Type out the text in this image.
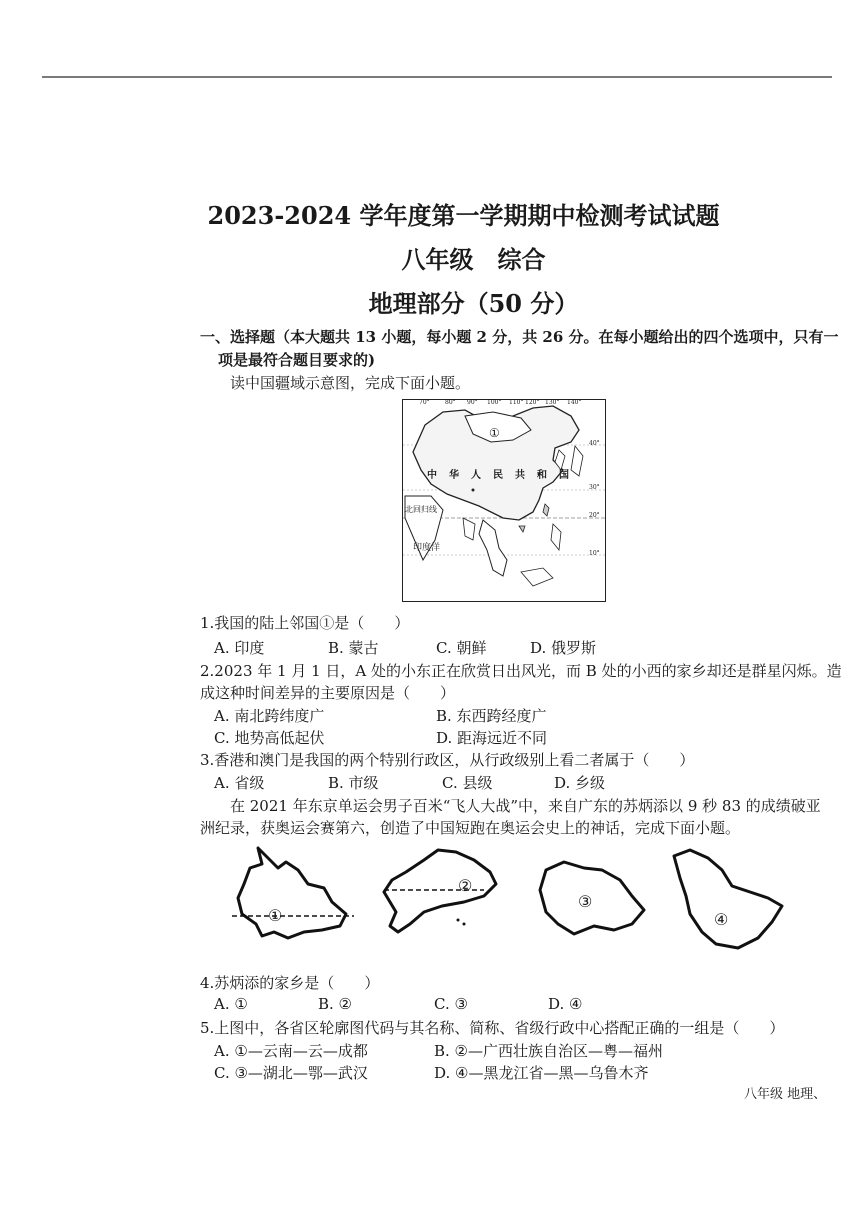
2023-2024 学年度第一学期期中检测考试试题
八年级　综合
地理部分（50 分）
一、选择题（本大题共 13 小题，每小题 2 分，共 26 分。在每小题给出的四个选项中，只有一
项是最符合题目要求的)
读中国疆域示意图，完成下面小题。
①
中　华　人　民　共　和　国
北回归线
印度洋
70°	80° 90° 100° 110° 120° 130° 140°
40°
30°
20°
10°
1.我国的陆上邻国①是（　　）
A. 印度	B. 蒙古	C. 朝鲜	D. 俄罗斯
2.2023 年 1 月 1 日，A 处的小东正在欣赏日出风光，而 B 处的小西的家乡却还是群星闪烁。造
成这种时间差异的主要原因是（　　）
A. 南北跨纬度广	B. 东西跨经度广
C. 地势高低起伏	D. 距海远近不同
3.香港和澳门是我国的两个特别行政区，从行政级别上看二者属于（　　）
A. 省级	B. 市级	C. 县级	D. 乡级
在 2021 年东京单运会男子百米“飞人大战”中，来自广东的苏炳添以 9 秒 83 的成绩破亚
洲纪录，获奥运会赛第六，创造了中国短跑在奥运会史上的神话，完成下面小题。
①
②
③
④
4.苏炳添的家乡是（　　）
A. ①	B. ②	C. ③	D. ④
5.上图中，各省区轮廓图代码与其名称、简称、省级行政中心搭配正确的一组是（　　）
A. ①—云南—云—成都	B. ②—广西壮族自治区—粤—福州
C. ③—湖北—鄂—武汉	D. ④—黑龙江省—黑—乌鲁木齐
八年级 地理、
